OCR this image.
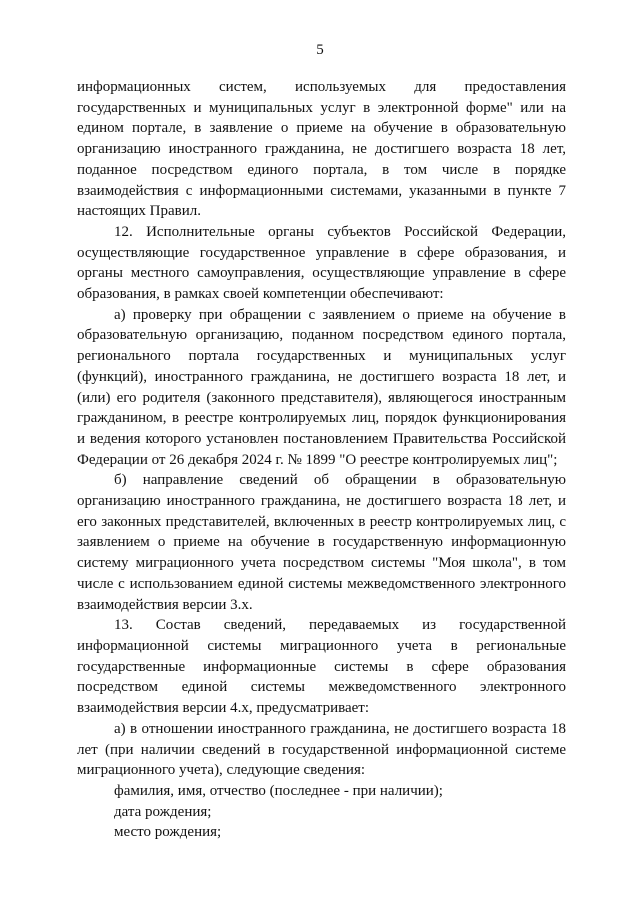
5

информационных систем, используемых для предоставления государственных и муниципальных услуг в электронной форме" или на едином портале, в заявление о приеме на обучение в образовательную организацию иностранного гражданина, не достигшего возраста 18 лет, поданное посредством единого портала, в том числе в порядке взаимодействия с информационными системами, указанными в пункте 7 настоящих Правил.

12. Исполнительные органы субъектов Российской Федерации, осуществляющие государственное управление в сфере образования, и органы местного самоуправления, осуществляющие управление в сфере образования, в рамках своей компетенции обеспечивают:

а) проверку при обращении с заявлением о приеме на обучение в образовательную организацию, поданном посредством единого портала, регионального портала государственных и муниципальных услуг (функций), иностранного гражданина, не достигшего возраста 18 лет, и (или) его родителя (законного представителя), являющегося иностранным гражданином, в реестре контролируемых лиц, порядок функционирования и ведения которого установлен постановлением Правительства Российской Федерации от 26 декабря 2024 г. № 1899 "О реестре контролируемых лиц";

б) направление сведений об обращении в образовательную организацию иностранного гражданина, не достигшего возраста 18 лет, и его законных представителей, включенных в реестр контролируемых лиц, с заявлением о приеме на обучение в государственную информационную систему миграционного учета посредством системы "Моя школа", в том числе с использованием единой системы межведомственного электронного взаимодействия версии 3.x.

13. Состав сведений, передаваемых из государственной информационной системы миграционного учета в региональные государственные информационные системы в сфере образования посредством единой системы межведомственного электронного взаимодействия версии 4.x, предусматривает:

а) в отношении иностранного гражданина, не достигшего возраста 18 лет (при наличии сведений в государственной информационной системе миграционного учета), следующие сведения:

фамилия, имя, отчество (последнее - при наличии);

дата рождения;

место рождения;
